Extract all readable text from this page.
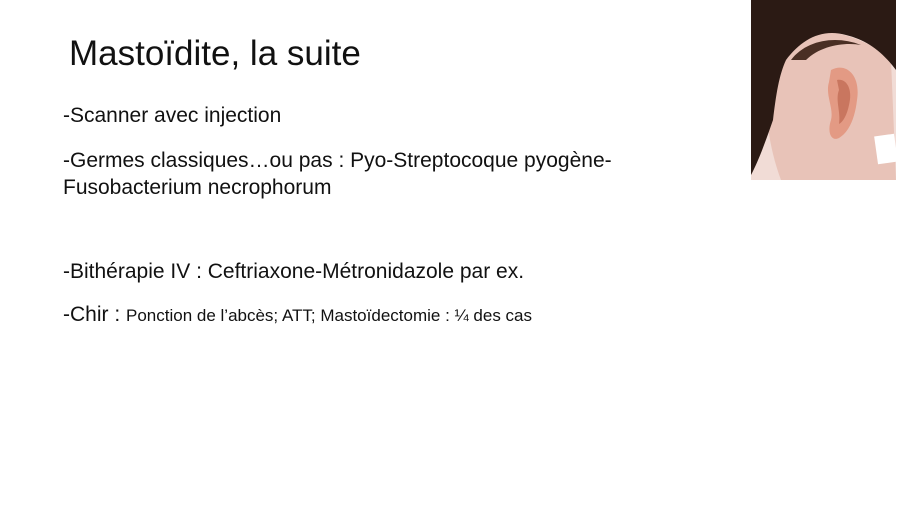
Mastoïdite, la suite
-Scanner avec injection
-Germes classiques…ou pas : Pyo-Streptocoque pyogène-Fusobacterium necrophorum
-Bithérapie IV : Ceftriaxone-Métronidazole par ex.
-Chir : Ponction de l’abcès; ATT; Mastoïdectomie : ¼ des cas
